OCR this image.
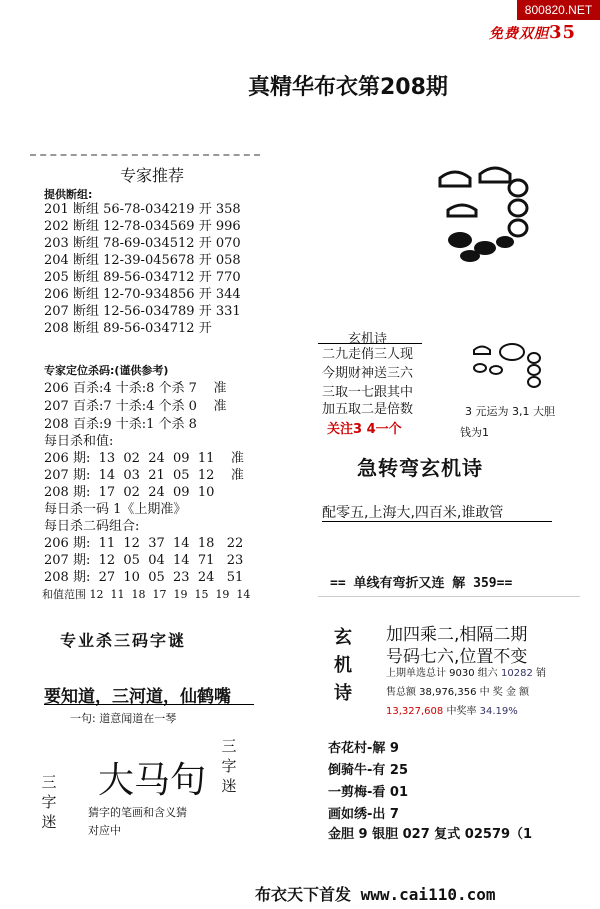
800820.NET
免费双胆35
真精华布衣第208期
专家推荐
提供断组:
201 断组 56-78-034219 开 358
202 断组 12-78-034569 开 996
203 断组 78-69-034512 开 070
204 断组 12-39-045678 开 058
205 断组 89-56-034712 开 770
206 断组 12-70-934856 开 344
207 断组 12-56-034789 开 331
208 断组 89-56-034712 开
专家定位杀码:(谨供参考)
206 百杀:4 十杀:8 个杀 7    准
207 百杀:7 十杀:4 个杀 0    准
208 百杀:9 十杀:1 个杀 8
每日杀和值:
206 期:  13  02  24  09  11    准
207 期:  14  03  21  05  12    准
208 期:  17  02  24  09  10
每日杀一码 1《上期准》
每日杀二码组合:
206 期:  11  12  37  14  18   22
207 期:  12  05  04  14  71   23
208 期:  27  10  05  23  24   51
和值范围 12  11  18  17  19  15  19  14
专业杀三码字谜
要知道，三河道，仙鹤嘴
一句: 道意闻道在一琴
三字迷
大马句
三字迷
猜字的笔画和含义猜
对应中
玄机诗
二九走俏三人现
今期财神送三六
三取一七跟其中
加五取二是倍数
关注3 4一个
3 元运为 3,1 大胆
钱为1
急转弯玄机诗
配零五,上海大,四百米,谁敢管
== 单线有弯折又连 解 359==
玄机诗
加四乘二,相隔二期
号码七六,位置不变
上期单选总计 9030 组六 10282 销
售总额 38,976,356 中 奖 金 额
13,327,608 中奖率 34.19%
杏花村-解 9
倒骑牛-有 25
一剪梅-看 01
画如绣-出 7
金胆 9 银胆 027 复式 02579（1
布衣天下首发 www.cai110.com
